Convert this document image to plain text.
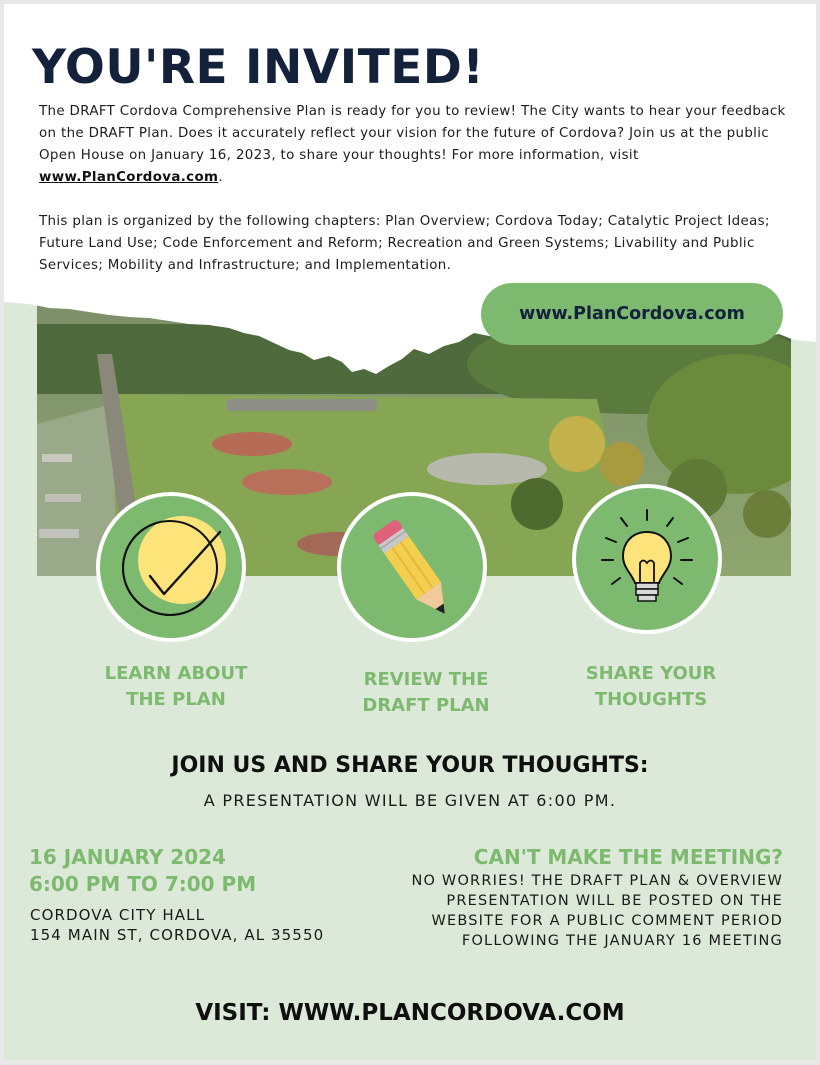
YOU'RE INVITED!

The DRAFT Cordova Comprehensive Plan is ready for you to review! The City wants to hear your feedback on the DRAFT Plan. Does it accurately reflect your vision for the future of Cordova? Join us at the public Open House on January 16, 2023, to share your thoughts! For more information, visit www.PlanCordova.com.

This plan is organized by the following chapters: Plan Overview; Cordova Today; Catalytic Project Ideas; Future Land Use; Code Enforcement and Reform; Recreation and Green Systems; Livability and Public Services; Mobility and Infrastructure; and Implementation.

www.PlanCordova.com
LEARN ABOUT
THE PLAN
REVIEW THE
DRAFT PLAN
SHARE YOUR
THOUGHTS
JOIN US AND SHARE YOUR THOUGHTS:
A PRESENTATION WILL BE GIVEN AT 6:00 PM.
16 JANUARY 2024
6:00 PM TO 7:00 PM
CORDOVA CITY HALL
154 MAIN ST, CORDOVA, AL 35550
CAN'T MAKE THE MEETING?
NO WORRIES! THE DRAFT PLAN & OVERVIEW PRESENTATION WILL BE POSTED ON THE WEBSITE FOR A PUBLIC COMMENT PERIOD FOLLOWING THE JANUARY 16 MEETING
VISIT: WWW.PLANCORDOVA.COM
